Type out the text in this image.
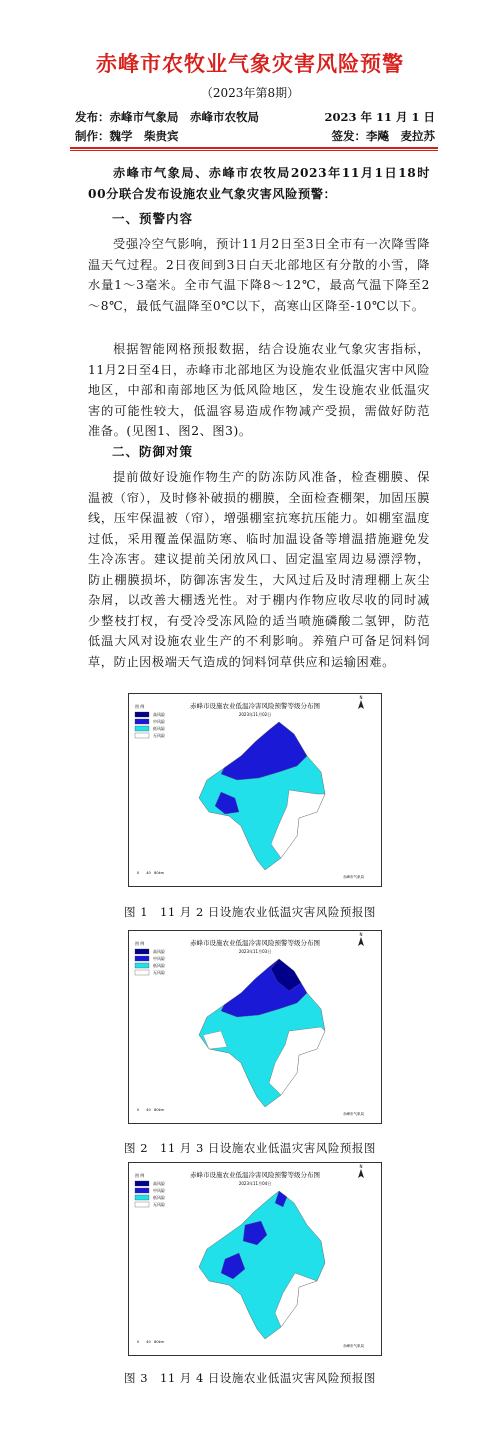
赤峰市农牧业气象灾害风险预警
（2023年第8期）
发布：赤峰市气象局　赤峰市农牧局	2023 年 11 月 1 日
制作：魏学　柴贵宾	签发：李飚　麦拉苏
赤峰市气象局、赤峰市农牧局2023年11月1日18时00分联合发布设施农业气象灾害风险预警：
一、预警内容
受强冷空气影响，预计11月2日至3日全市有一次降雪降温天气过程。2日夜间到3日白天北部地区有分散的小雪，降水量1～3毫米。全市气温下降8～12℃，最高气温下降至2～8℃，最低气温降至0℃以下，高寒山区降至-10℃以下。
根据智能网格预报数据，结合设施农业气象灾害指标，11月2日至4日，赤峰市北部地区为设施农业低温灾害中风险地区，中部和南部地区为低风险地区，发生设施农业低温灾害的可能性较大，低温容易造成作物减产受损，需做好防范准备。(见图1、图2、图3)。
二、防御对策
提前做好设施作物生产的防冻防风准备，检查棚膜、保温被（帘），及时修补破损的棚膜，全面检查棚架，加固压膜线，压牢保温被（帘），增强棚室抗寒抗压能力。如棚室温度过低，采用覆盖保温防寒、临时加温设备等增温措施避免发生冷冻害。建议提前关闭放风口、固定温室周边易漂浮物，防止棚膜损坏，防御冻害发生，大风过后及时清理棚上灰尘杂屑，以改善大棚透光性。对于棚内作物应收尽收的同时减少整枝打杈，有受冷受冻风险的适当喷施磷酸二氢钾，防范低温大风对设施农业生产的不利影响。养殖户可备足饲料饲草，防止因极端天气造成的饲料饲草供应和运输困难。
赤峰市设施农业低温冷害风险预警等级分布图
2023年11月02日
N
图 例
高风险
中风险
低风险
无风险
0　　40　80km
赤峰市气象局
图 1　11 月 2 日设施农业低温灾害风险预报图
赤峰市设施农业低温冷害风险预警等级分布图
2023年11月03日
N
图 例
高风险
中风险
低风险
无风险
0　　40　80km
赤峰市气象局
图 2　11 月 3 日设施农业低温灾害风险预报图
赤峰市设施农业低温冷害风险预警等级分布图
2023年11月04日
N
图 例
高风险
中风险
低风险
无风险
0　　40　80km
赤峰市气象局
图 3　11 月 4 日设施农业低温灾害风险预报图
